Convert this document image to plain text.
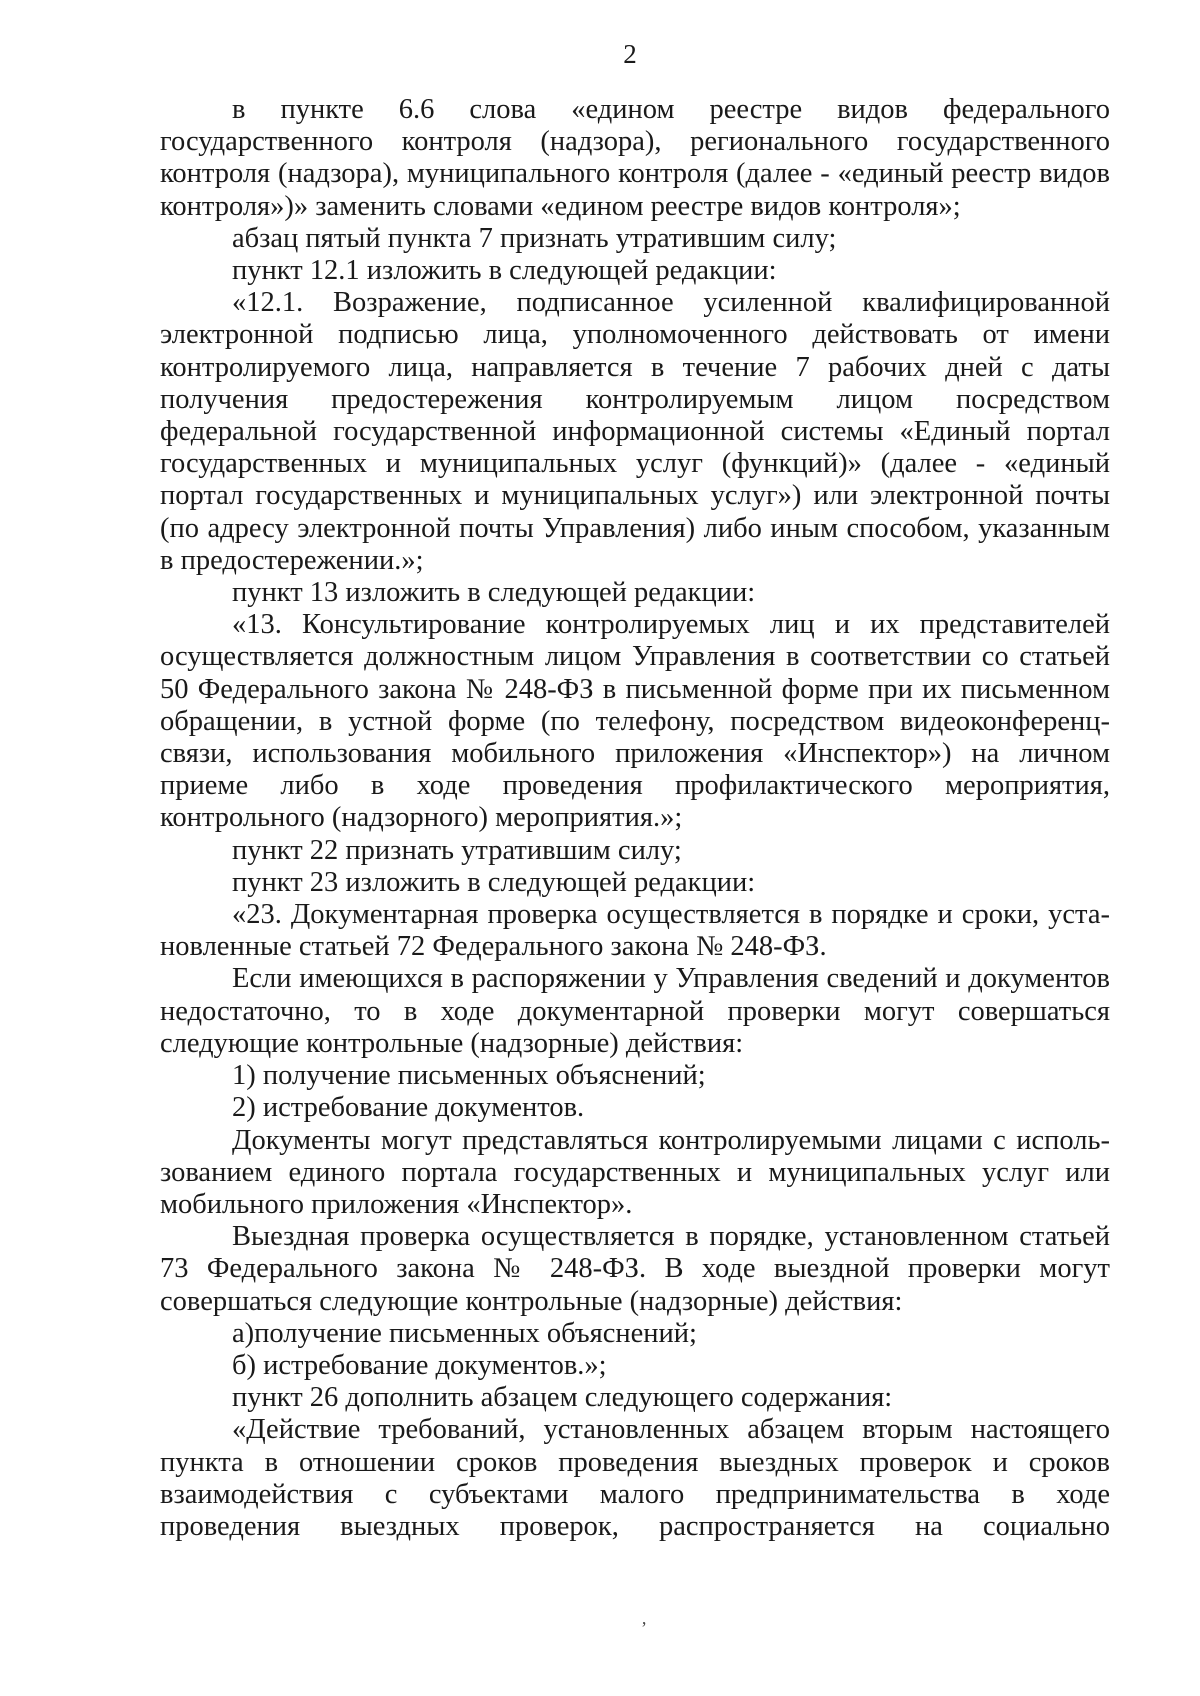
2

в пункте 6.6 слова «едином реестре видов федерального государственного контроля (надзора), регионального государственного контроля (надзора), муниципального контроля (далее - «единый реестр видов контроля»)» заменить словами «едином реестре видов контроля»;

абзац пятый пункта 7 признать утратившим силу;

пункт 12.1 изложить в следующей редакции:

«12.1. Возражение, подписанное усиленной квалифицированной электронной подписью лица, уполномоченного действовать от имени контролируемого лица, направляется в течение 7 рабочих дней с даты получения предостережения контролируемым лицом посредством федеральной государственной информационной системы «Единый портал государственных и муниципальных услуг (функций)» (далее - «единый портал государственных и муниципальных услуг») или электронной почты (по адресу электронной почты Управления) либо иным способом, указанным в предостережении.»;

пункт 13 изложить в следующей редакции:

«13. Консультирование контролируемых лиц и их представителей осуществляется должностным лицом Управления в соответствии со статьей 50 Федерального закона № 248-ФЗ в письменной форме при их письменном обращении, в устной форме (по телефону, посредством видеоконференц-связи, использования мобильного приложения «Инспектор») на личном приеме либо в ходе проведения профилактического мероприятия, контрольного (надзорного) мероприятия.»;

пункт 22 признать утратившим силу;

пункт 23 изложить в следующей редакции:

«23. Документарная проверка осуществляется в порядке и сроки, установленные статьей 72 Федерального закона № 248-ФЗ.

Если имеющихся в распоряжении у Управления сведений и документов недостаточно, то в ходе документарной проверки могут совершаться следующие контрольные (надзорные) действия:

1) получение письменных объяснений;

2) истребование документов.

Документы могут представляться контролируемыми лицами с использованием единого портала государственных и муниципальных услуг или мобильного приложения «Инспектор».

Выездная проверка осуществляется в порядке, установленном статьей 73 Федерального закона № 248-ФЗ. В ходе выездной проверки могут совершаться следующие контрольные (надзорные) действия:

а)получение письменных объяснений;

б) истребование документов.»;

пункт 26 дополнить абзацем следующего содержания:

«Действие требований, установленных абзацем вторым настоящего пункта в отношении сроков проведения выездных проверок и сроков взаимодействия с субъектами малого предпринимательства в ходе проведения выездных проверок, распространяется на социально

ʼ
